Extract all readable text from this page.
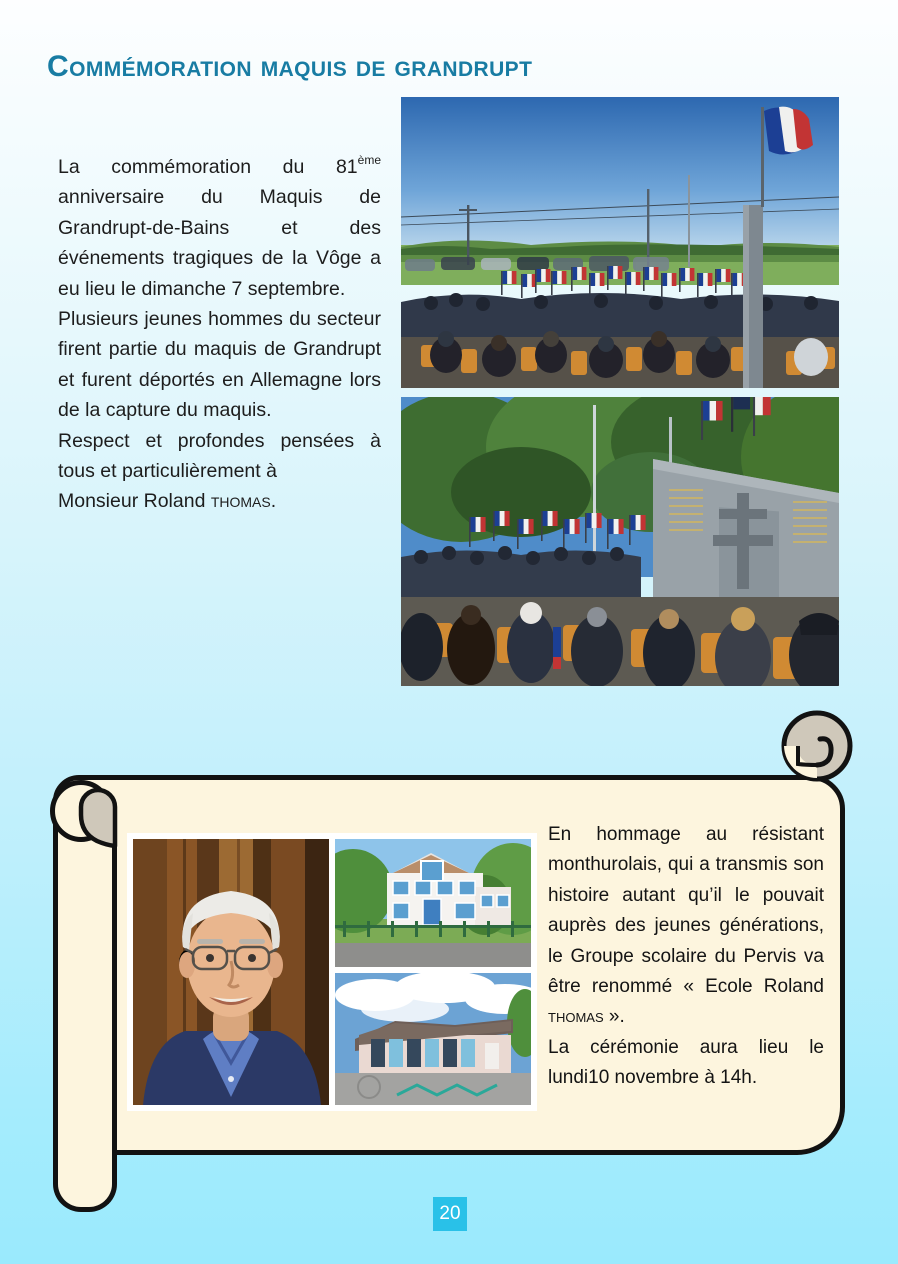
Commémoration maquis de grandrupt

La commémoration du 81ème anniversaire du Maquis de Grandrupt-de-Bains et des événements tragiques de la Vôge a eu lieu le dimanche 7 septembre.

Plusieurs jeunes hommes du secteur firent partie du maquis de Grandrupt et furent déportés en Allemagne lors de la capture du maquis.

Respect et profondes pensées à tous et particulièrement à

Monsieur Roland thomas.

En hommage au résistant monthurolais, qui a transmis son histoire autant qu’il le pouvait auprès des jeunes générations, le Groupe scolaire du Pervis va être renommé « Ecole Roland thomas ».

La cérémonie aura lieu le lundi10 novembre à 14h.

20
